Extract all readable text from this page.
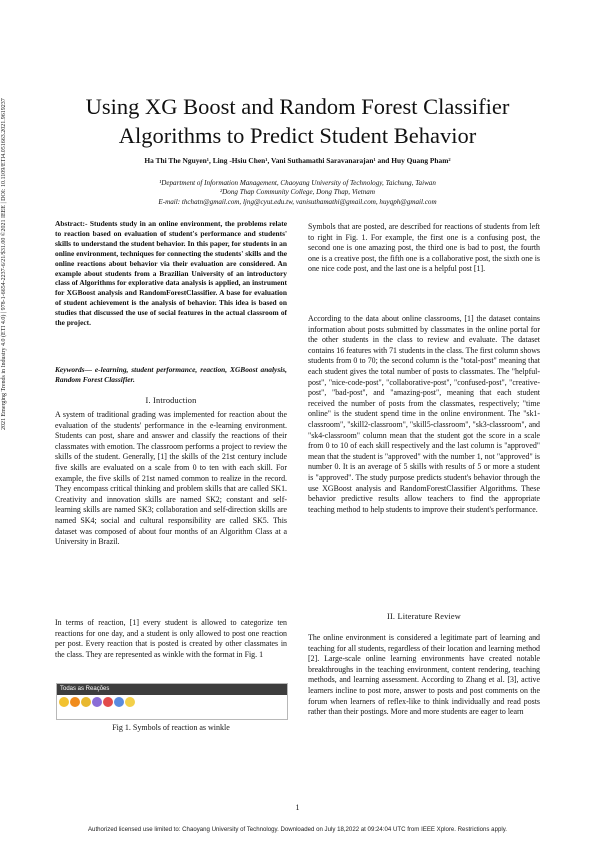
2021 Emerging Trends in Industry 4.0 (ETI 4.0) | 978-1-6654-2237-6/21/$31.00 ©2021 IEEE | DOI: 10.1109/ETI4.051663.2021.9619237	Using XG Boost and Random Forest Classifier
Algorithms to Predict Student Behavior
Ha Thi The Nguyen¹, Ling -Hsiu Chen¹, Vani Suthamathi Saravanarajan¹ and Huy Quang Pham²
¹Department of Information Management, Chaoyang University of Technology, Taichung, Taiwan
²Dong Thap Community College, Dong Thap, Vietnam
E-mail: thchatn@gmail.com, ljng@cyut.edu.tw, vanisuthamathi@gmail.com, huyqph@gmail.com
Abstract:- Students study in an online environment, the problems relate to reaction based on evaluation of student's performance and students' skills to understand the student behavior. In this paper, for students in an online environment, techniques for connecting the students' skills and the online reactions about behavior via their evaluation are considered. An example about students from a Brazilian University of an introductory class of Algorithms for explorative data analysis is applied, an instrument for XGBoost analysis and RandomForestClassifier. A base for evaluation of student achievement is the analysis of behavior. This idea is based on studies that discussed the use of social features in the actual classroom of the project.
Keywords— e-learning, student performance, reaction, XGBoost analysis, Random Forest Classifier.
I. Introduction
A system of traditional grading was implemented for reaction about the evaluation of the students' performance in the e-learning environment. Students can post, share and answer and classify the reactions of their classmates with emotion. The classroom performs a project to review the skills of the student. Generally, [1] the skills of the 21st century include five skills are evaluated on a scale from 0 to ten with each skill. For example, the five skills of 21st named common to realize in the record. They encompass critical thinking and problem skills that are called SK1. Creativity and innovation skills are named SK2; constant and self-learning skills are named SK3; collaboration and self-direction skills are named SK4; social and cultural responsibility are called SK5. This dataset was composed of about four months of an Algorithm Class at a University in Brazil.
In terms of reaction, [1] every student is allowed to categorize ten reactions for one day, and a student is only allowed to post one reaction per post. Every reaction that is posted is created by other classmates in the class. They are represented as winkle with the format in Fig. 1
Todas as Reações
Fig 1. Symbols of reaction as winkle
Symbols that are posted, are described for reactions of students from left to right in Fig. 1. For example, the first one is a confusing post, the second one is one amazing post, the third one is bad to post, the fourth one is a creative post, the fifth one is a collaborative post, the sixth one is one nice code post, and the last one is a helpful post [1].
According to the data about online classrooms, [1] the dataset contains information about posts submitted by classmates in the online portal for the other students in the class to review and evaluate. The dataset contains 16 features with 71 students in the class. The first column shows students from 0 to 70; the second column is the "total-post" meaning that each student gives the total number of posts to classmates. The "helpful-post", "nice-code-post", "collaborative-post", "confused-post", "creative-post", "bad-post", and "amazing-post", meaning that each student received the number of posts from the classmates, respectively; "time online" is the student spend time in the online environment. The "sk1-classroom", "skill2-classroom", "skill5-classroom", "sk3-classroom", and "sk4-classroom" column mean that the student got the score in a scale from 0 to 10 of each skill respectively and the last column is "approved" mean that the student is "approved" with the number 1, not "approved" is number 0. It is an average of 5 skills with results of 5 or more a student is "approved". The study purpose predicts student's behavior through the use XGBoost analysis and RandomForestClassifier Algorithms. These behavior predictive results allow teachers to find the appropriate teaching method to help students to improve their student's performance.
II. Literature Review
The online environment is considered a legitimate part of learning and teaching for all students, regardless of their location and learning method [2]. Large-scale online learning environments have created notable breakthroughs in the teaching environment, content rendering, teaching methods, and learning assessment. According to Zhang et al. [3], active learners incline to post more, answer to posts and post comments on the forum when learners of reflex-like to think individually and read posts rather than their postings. More and more students are eager to learn
1
Authorized licensed use limited to: Chaoyang University of Technology. Downloaded on July 18,2022 at 09:24:04 UTC from IEEE Xplore. Restrictions apply.
